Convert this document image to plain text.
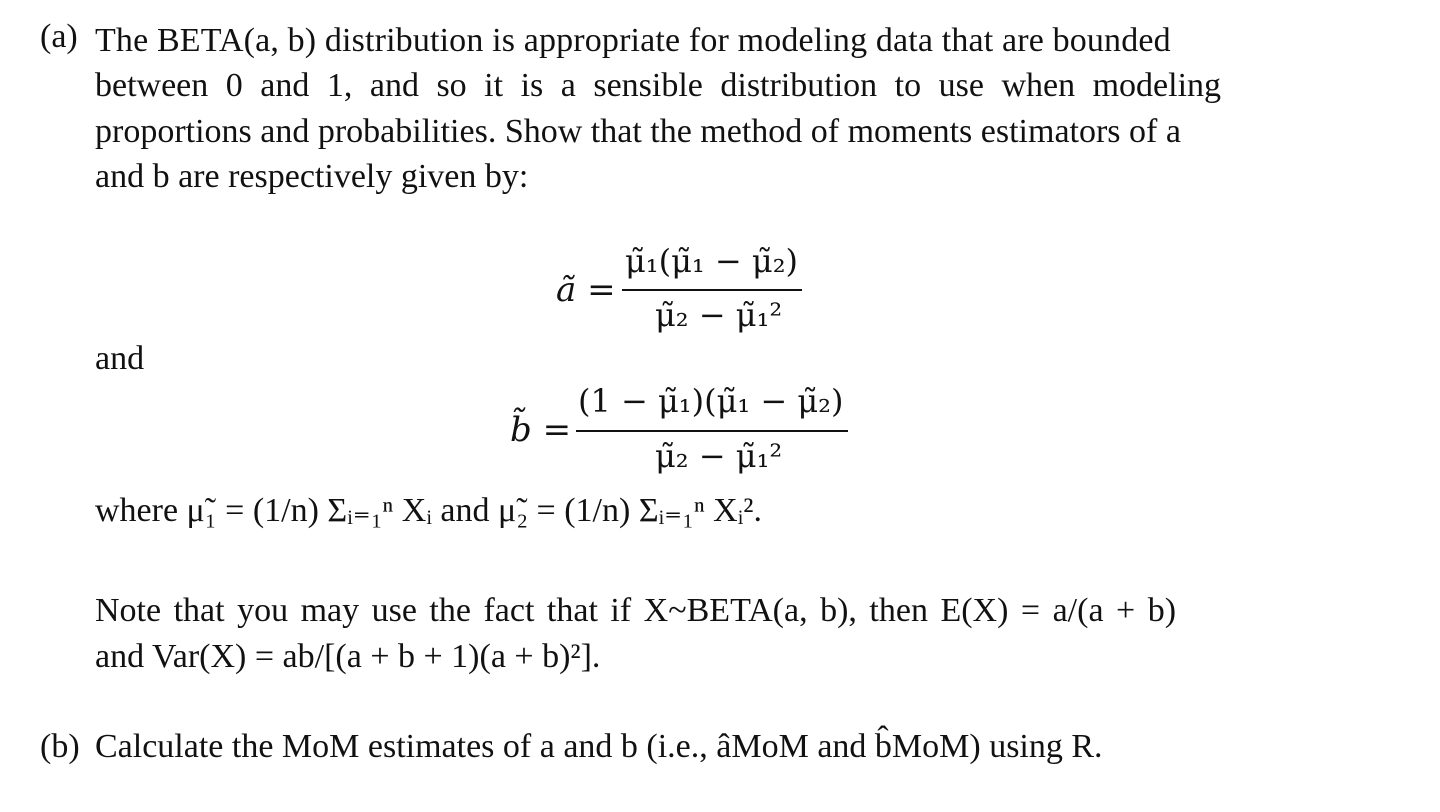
(a) The BETA(a, b) distribution is appropriate for modeling data that are bounded
between 0 and 1, and so it is a sensible distribution to use when modeling
proportions and probabilities. Show that the method of moments estimators of a
and b are respectively given by:
ã =
μ̃₁(μ̃₁ − μ̃₂)
μ̃₂ − μ̃₁²
and
b̃ =
(1 − μ̃₁)(μ̃₁ − μ̃₂)
μ̃₂ − μ̃₁²
where μ̃₁ = (1/n) Σᵢ₌₁ⁿ Xᵢ and μ̃₂ = (1/n) Σᵢ₌₁ⁿ Xᵢ².
Note that you may use the fact that if X~BETA(a, b), then E(X) = a/(a + b)
and Var(X) = ab/[(a + b + 1)(a + b)²].
(b) Calculate the MoM estimates of a and b (i.e., âMoM and b̂MoM) using R.
